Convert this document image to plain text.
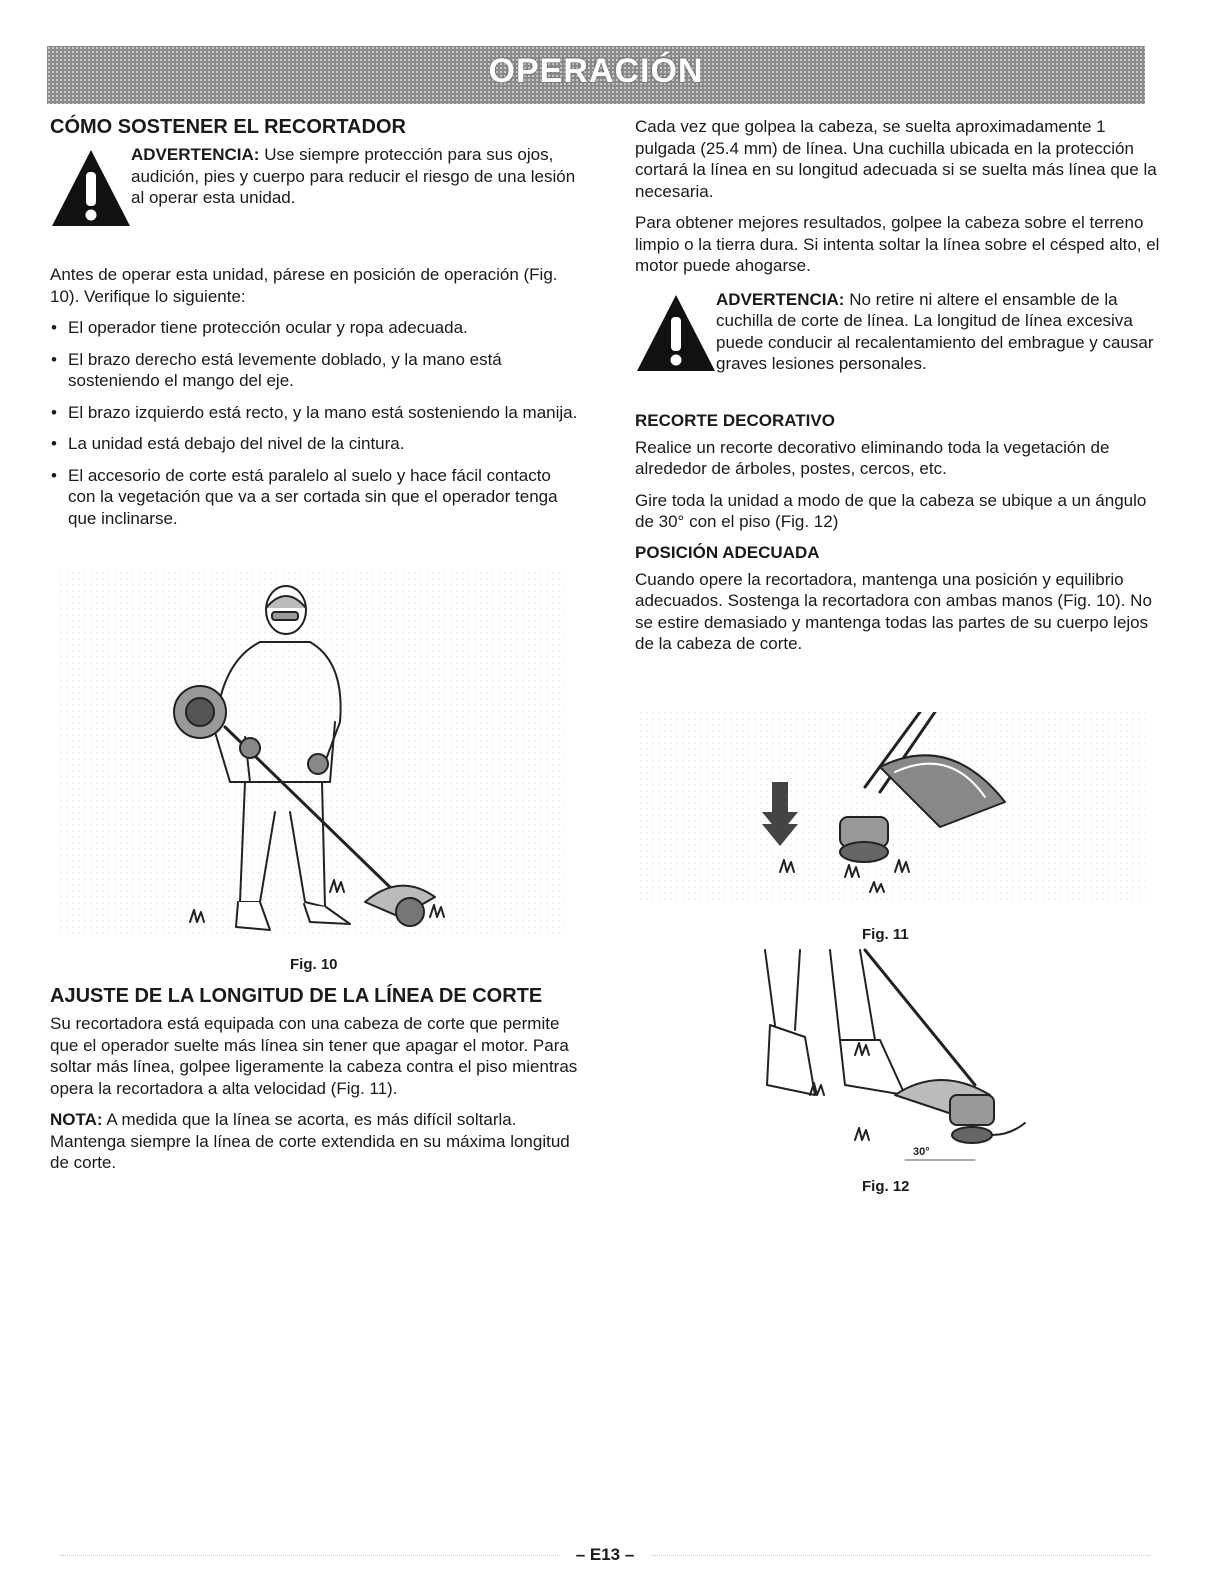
OPERACIÓN
CÓMO SOSTENER EL RECORTADOR
ADVERTENCIA: Use siempre protección para sus ojos, audición, pies y cuerpo para reducir el riesgo de una lesión al operar esta unidad.

Antes de operar esta unidad, párese en posición de operación (Fig. 10). Verifique lo siguiente:

• El operador tiene protección ocular y ropa adecuada.
• El brazo derecho está levemente doblado, y la mano está sosteniendo el mango del eje.
• El brazo izquierdo está recto, y la mano está sosteniendo la manija.
• La unidad está debajo del nivel de la cintura.
• El accesorio de corte está paralelo al suelo y hace fácil contacto con la vegetación que va a ser cortada sin que el operador tenga que inclinarse.
Fig. 10
AJUSTE DE LA LONGITUD DE LA LÍNEA DE CORTE

Su recortadora está equipada con una cabeza de corte que permite que el operador suelte más línea sin tener que apagar el motor. Para soltar más línea, golpee ligeramente la cabeza contra el piso mientras opera la recortadora a alta velocidad (Fig. 11).

NOTA: A medida que la línea se acorta, es más difícil soltarla. Mantenga siempre la línea de corte extendida en su máxima longitud de corte.

Cada vez que golpea la cabeza, se suelta aproximadamente 1 pulgada (25.4 mm) de línea. Una cuchilla ubicada en la protección cortará la línea en su longitud adecuada si se suelta más línea que la necesaria.

Para obtener mejores resultados, golpee la cabeza sobre el terreno limpio o la tierra dura. Si intenta soltar la línea sobre el césped alto, el motor puede ahogarse.

ADVERTENCIA: No retire ni altere el ensamble de la cuchilla de corte de línea. La longitud de línea excesiva puede conducir al recalentamiento del embrague y causar graves lesiones personales.
RECORTE DECORATIVO

Realice un recorte decorativo eliminando toda la vegetación de alrededor de árboles, postes, cercos, etc.

Gire toda la unidad a modo de que la cabeza se ubique a un ángulo de 30° con el piso (Fig. 12)

POSICIÓN ADECUADA

Cuando opere la recortadora, mantenga una posición y equilibrio adecuados. Sostenga la recortadora con ambas manos (Fig. 10). No se estire demasiado y mantenga todas las partes de su cuerpo lejos de la cabeza de corte.

Fig. 11
30°
Fig. 12
– E13 –
